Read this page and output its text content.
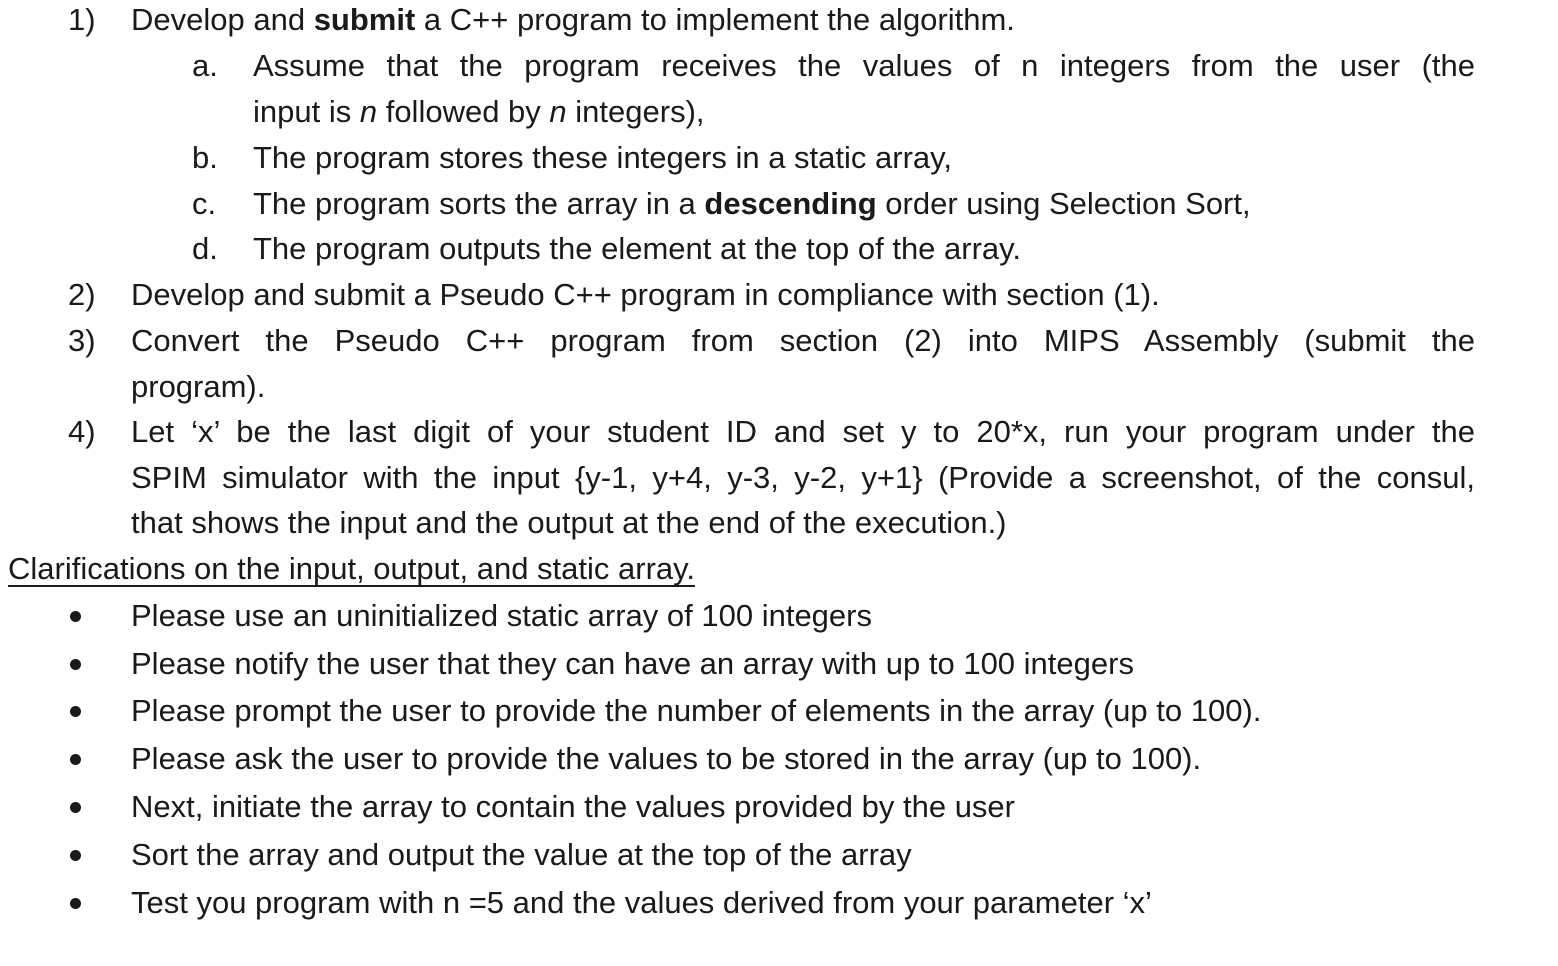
1) Develop and submit a C++ program to implement the algorithm.
a. Assume that the program receives the values of n integers from the user (the
input is n followed by n integers),
b. The program stores these integers in a static array,
c. The program sorts the array in a descending order using Selection Sort,
d. The program outputs the element at the top of the array.
2) Develop and submit a Pseudo C++ program in compliance with section (1).
3) Convert the Pseudo C++ program from section (2) into MIPS Assembly (submit the
program).
4) Let ‘x’ be the last digit of your student ID and set y to 20*x, run your program under the
SPIM simulator with the input {y-1, y+4, y-3, y-2, y+1} (Provide a screenshot, of the consul,
that shows the input and the output at the end of the execution.)
Clarifications on the input, output, and static array.
Please use an uninitialized static array of 100 integers
Please notify the user that they can have an array with up to 100 integers
Please prompt the user to provide the number of elements in the array (up to 100).
Please ask the user to provide the values to be stored in the array (up to 100).
Next, initiate the array to contain the values provided by the user
Sort the array and output the value at the top of the array
Test you program with n =5 and the values derived from your parameter ‘x’
